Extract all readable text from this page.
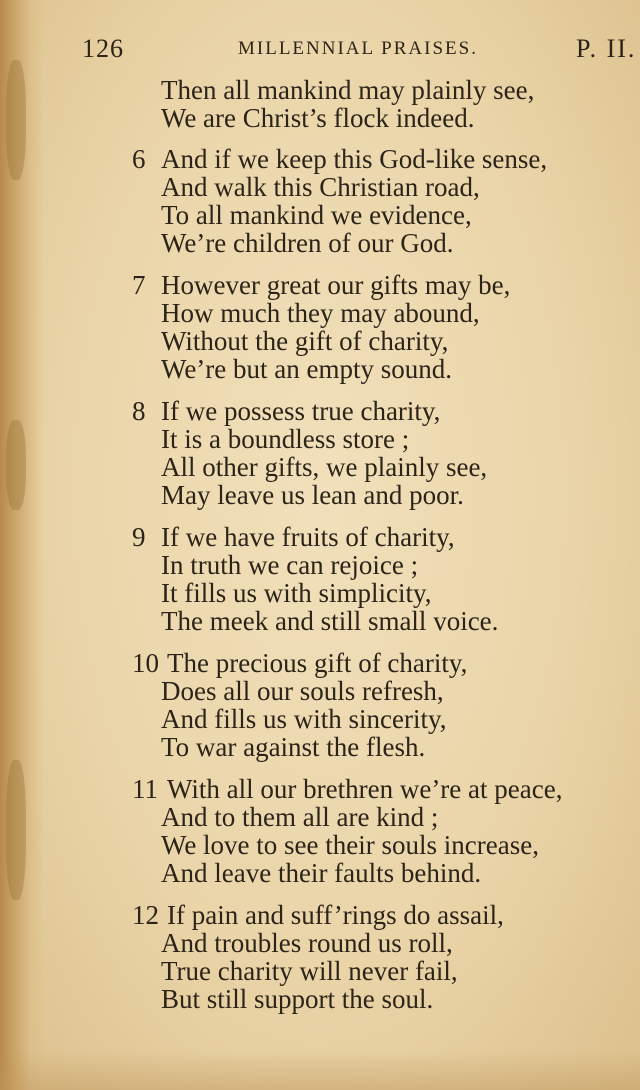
126	MILLENNIAL PRAISES.	P. II.
Then all mankind may plainly see,
We are Christ’s flock indeed.
6 And if we keep this God-like sense,
And walk this Christian road,
To all mankind we evidence,
We’re children of our God.
7 However great our gifts may be,
How much they may abound,
Without the gift of charity,
We’re but an empty sound.
8 If we possess true charity,
It is a boundless store ;
All other gifts, we plainly see,
May leave us lean and poor.
9 If we have fruits of charity,
In truth we can rejoice ;
It fills us with simplicity,
The meek and still small voice.
10 The precious gift of charity,
Does all our souls refresh,
And fills us with sincerity,
To war against the flesh.
11 With all our brethren we’re at peace,
And to them all are kind ;
We love to see their souls increase,
And leave their faults behind.
12 If pain and suff’rings do assail,
And troubles round us roll,
True charity will never fail,
But still support the soul.
